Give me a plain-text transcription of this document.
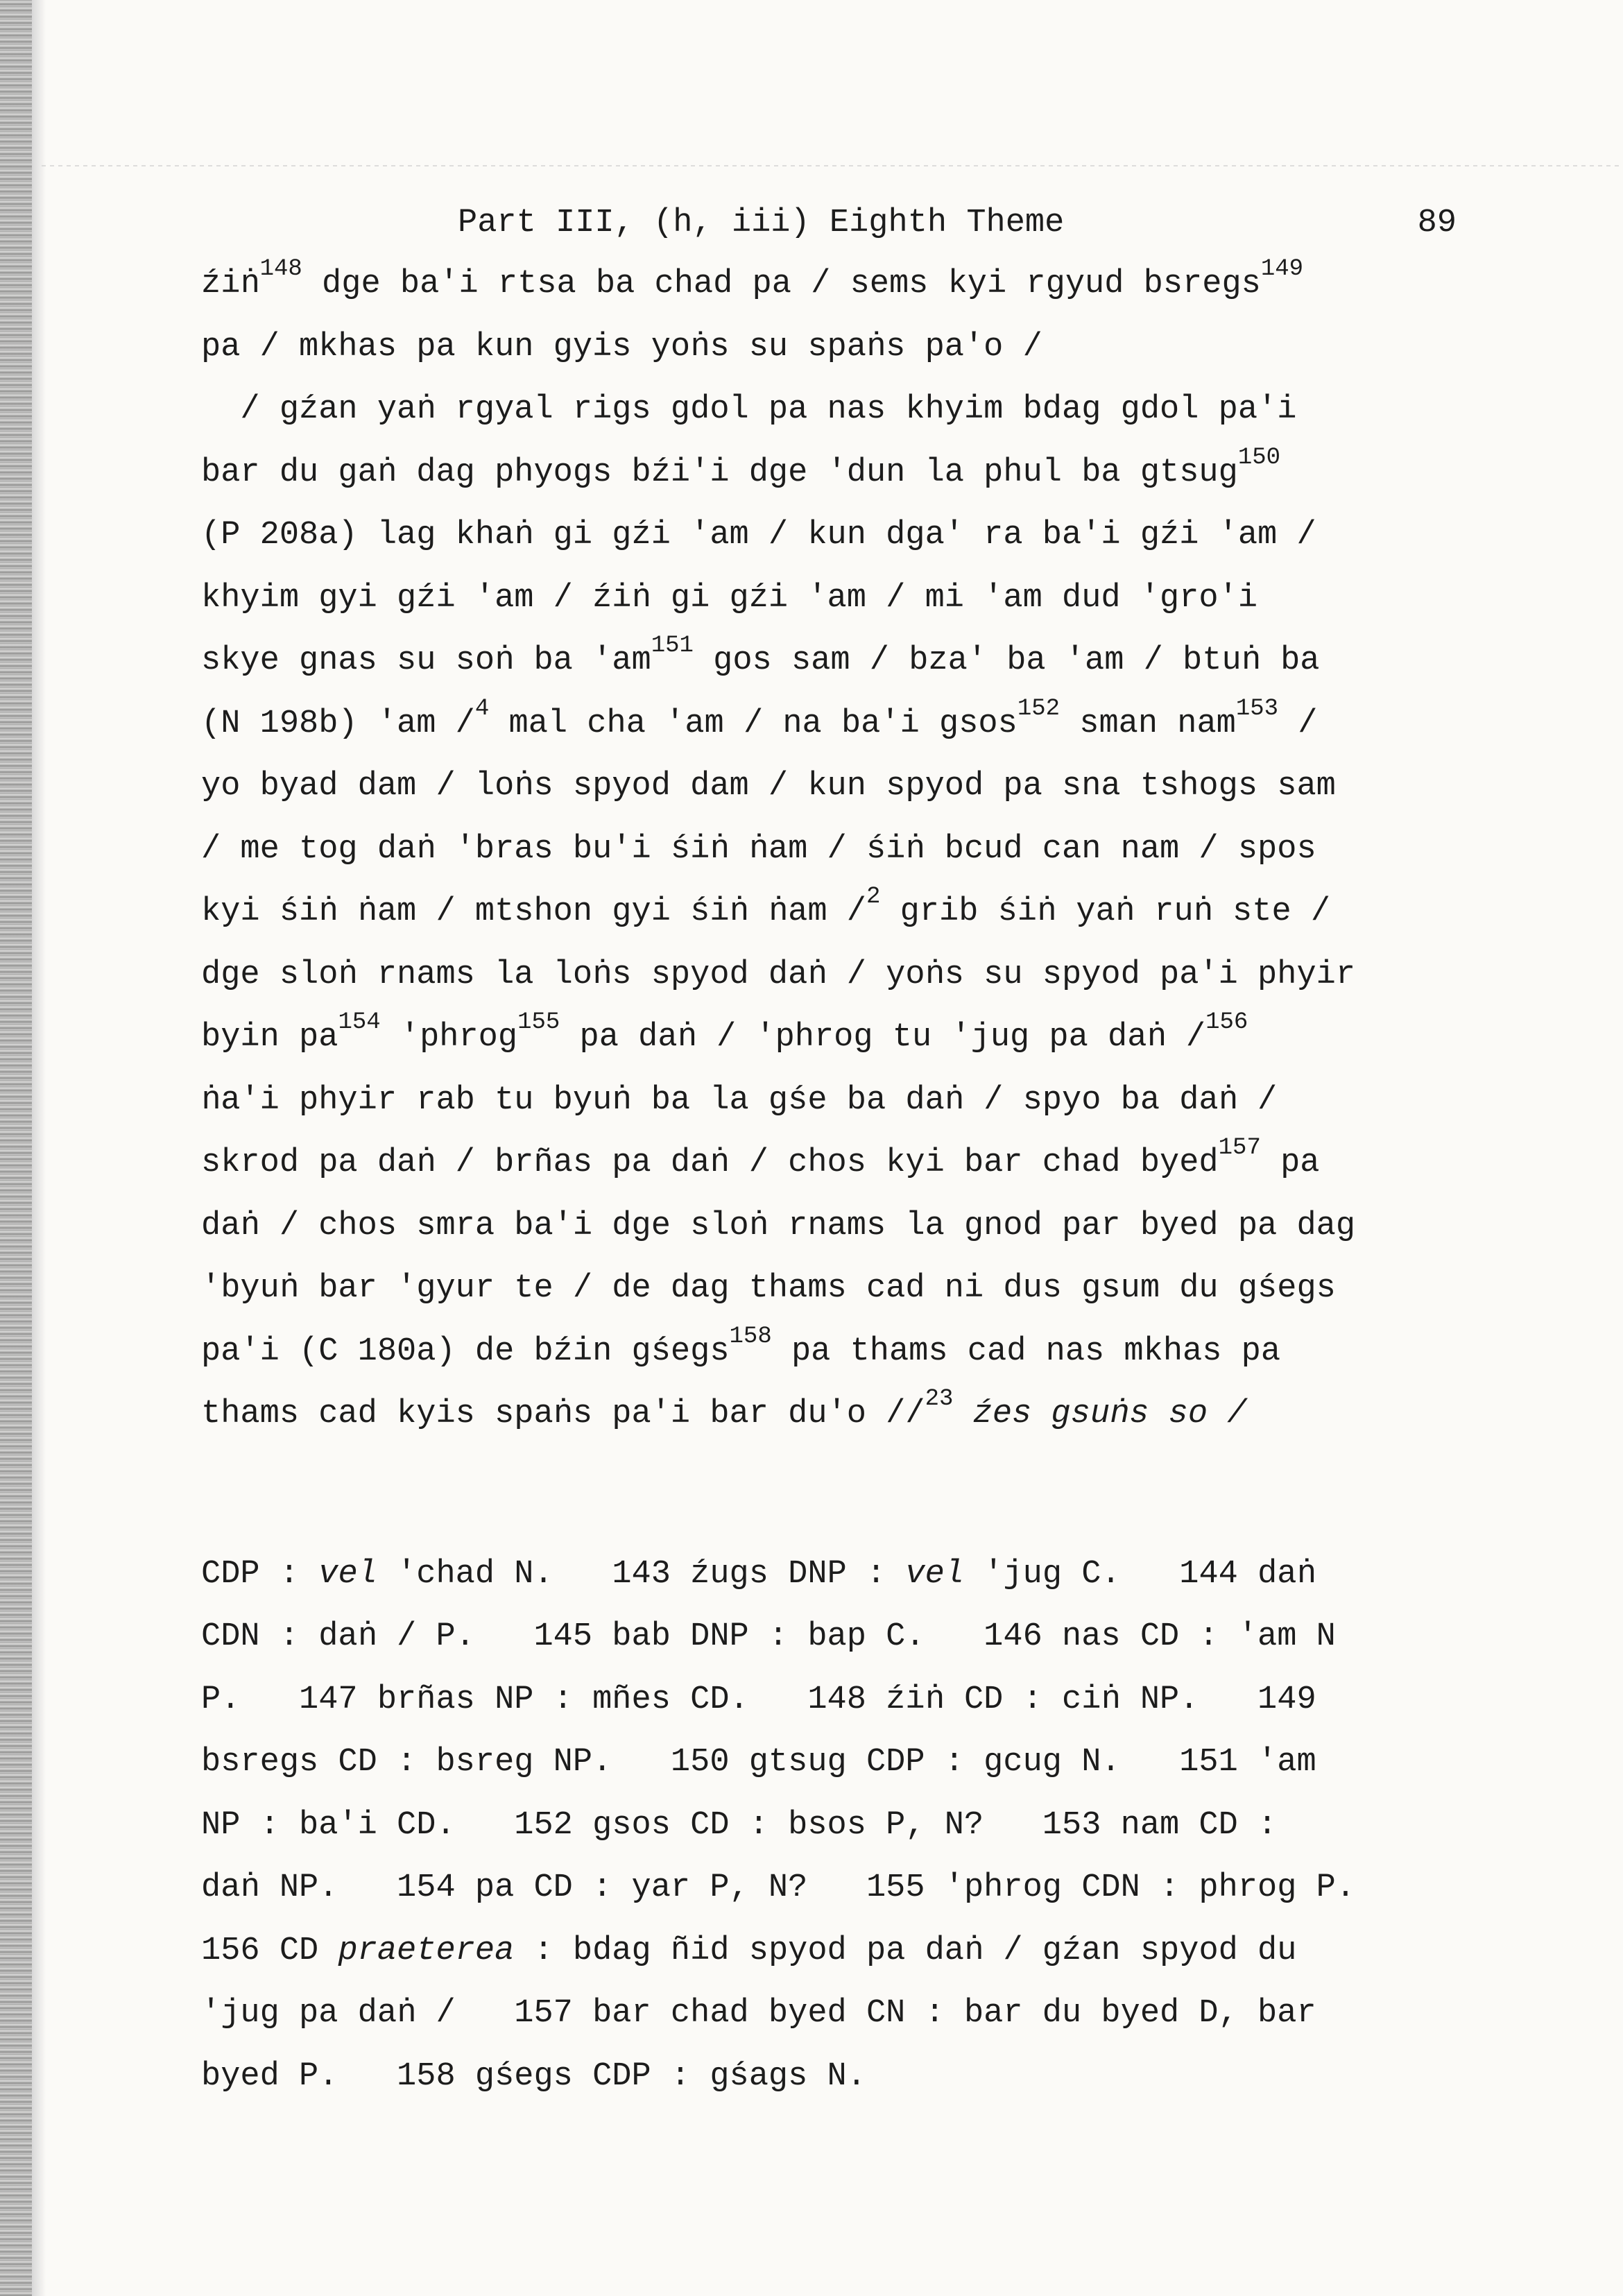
Part III, (h, iii) Eighth Theme	89

źiṅ$^{148}$ dge ba'i rtsa ba chad pa / sems kyi rgyud bsregs$^{149}$

pa / mkhas pa kun gyis yoṅs su spaṅs pa'o /

/ gźan yaṅ rgyal rigs gdol pa nas khyim bdag gdol pa'i

bar du gaṅ dag phyogs bźi'i dge 'dun la phul ba gtsug$^{150}$

(P 208a) lag khaṅ gi gźi 'am / kun dga' ra ba'i gźi 'am /

khyim gyi gźi 'am / źiṅ gi gźi 'am / mi 'am dud 'gro'i

skye gnas su soṅ ba '$am^{151}$ gos sam / bza' ba 'am / btuṅ ba

(N 198b) 'am /$^4$ mal cha 'am / na ba'i gsos$^{152}$ sman nam$^{153}$ /

yo byad dam / loṅs spyod dam / kun spyod pa sna tshogs sam

/ me tog daṅ 'bras bu'i śiṅ ṅam / śiṅ bcud can nam / spos

kyi śiṅ ṅam / mtshon gyi śiṅ ṅam /$^2$ grib śiṅ yaṅ ruṅ ste /

dge sloṅ rnams la loṅs spyod daṅ / yoṅs su spyod pa'i phyir

byin $pa^{154}$ 'phrog$^{155}$ pa daṅ / 'phrog tu 'jug pa daṅ /$^{156}$

ṅa'i phyir rab tu byuṅ ba la gśe ba daṅ / spyo ba daṅ /

skrod pa daṅ / brñas pa daṅ / chos kyi bar chad byed$^{157}$ pa

daṅ / chos smra ba'i dge sloṅ rnams la gnod par byed pa dag

'byuṅ bar 'gyur te / de dag thams cad ni dus gsum du gśegs

pa'i (C 180a) de bźin gśegs$^{158}$ pa thams cad nas mkhas pa

thams cad kyis spaṅs pa'i bar du'o //$^{23}$ źes gsuṅs so /

CDP : vel 'chad N.   143 źugs DNP : vel 'jug C.   144 daṅ

CDN : daṅ / P.   145 bab DNP : bap C.   146 nas CD : 'am N

P.   147 brñas NP : mñes CD.   148 źiṅ CD : ciṅ NP.   149

bsregs CD : bsreg NP.   150 gtsug CDP : gcug N.   151 'am

NP : ba'i CD.   152 gsos CD : bsos P, N?   153 nam CD :

daṅ NP.   154 pa CD : yar P, N?   155 'phrog CDN : phrog P.

156 CD praeterea : bdag ñid spyod pa daṅ / gźan spyod du

'jug pa daṅ /   157 bar chad byed CN : bar du byed D, bar

byed P.   158 gśegs CDP : gśags N.
